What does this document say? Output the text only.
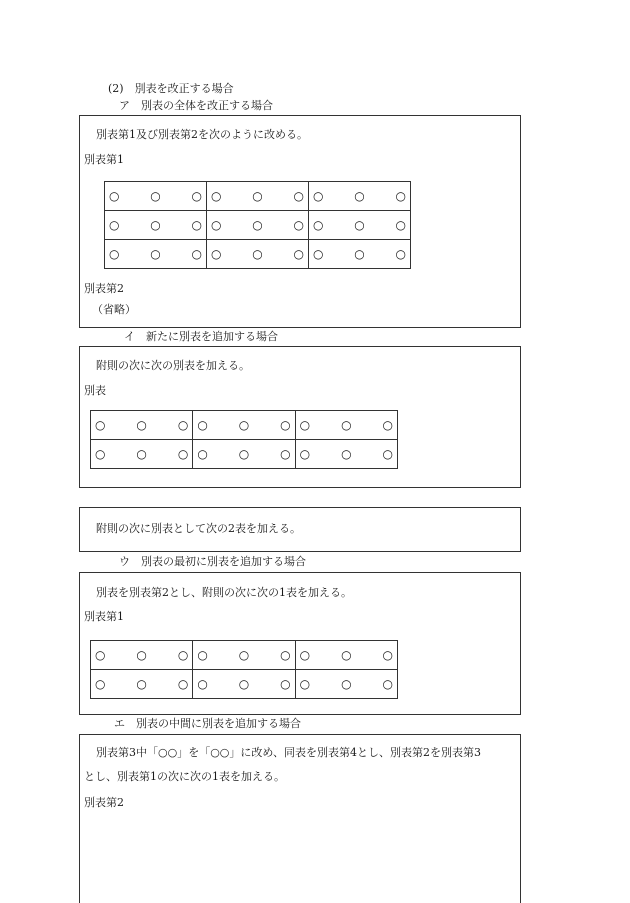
(2)　別表を改正する場合
ア　別表の全体を改正する場合
別表第1及び別表第2を次のように改める。
別表第1
○ ○ ○	○ ○ ○	○ ○ ○

○ ○ ○	○ ○ ○	○ ○ ○

○ ○ ○	○ ○ ○	○ ○ ○
別表第2
（省略）
イ　新たに別表を追加する場合
附則の次に次の別表を加える。
別表
○ ○ ○	○ ○ ○	○ ○ ○

○ ○ ○	○ ○ ○	○ ○ ○
附則の次に別表として次の2表を加える。
ウ　別表の最初に別表を追加する場合
別表を別表第2とし、附則の次に次の1表を加える。
別表第1
○ ○ ○	○ ○ ○	○ ○ ○

○ ○ ○	○ ○ ○	○ ○ ○
エ　別表の中間に別表を追加する場合
別表第3中「○○」を「○○」に改め、同表を別表第4とし、別表第2を別表第3
とし、別表第1の次に次の1表を加える。
別表第2
